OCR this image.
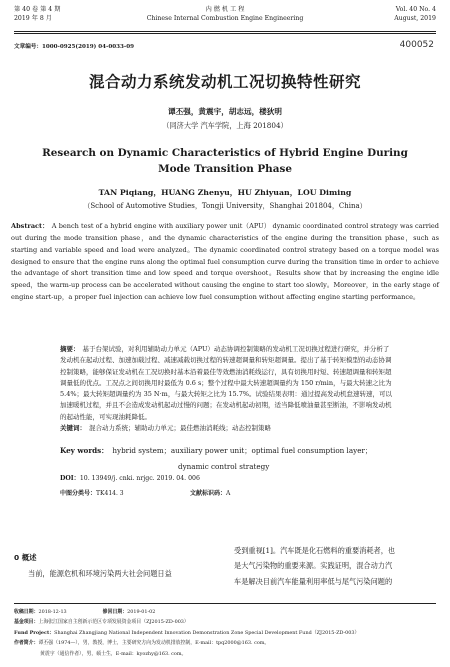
第 40 卷 第 4 期
2019 年 8 月
内 燃 机 工 程
Chinese Internal Combustion Engine Engineering
Vol. 40 No. 4
August, 2019
文章编号：1000-0925(2019) 04-0033-09	400052
混合动力系统发动机工况切换特性研究
谭丕强，黄震宇，胡志远，楼狄明
（同济大学 汽车学院，上海 201804）
Research on Dynamic Characteristics of Hybrid Engine During
Mode Transition Phase
TAN Piqiang，HUANG Zhenyu，HU Zhiyuan，LOU Diming
（School of Automotive Studies，Tongji University，Shanghai 201804，China）
Abstract： A bench test of a hybrid engine with auxiliary power unit（APU） dynamic coordinated control strategy was carried out during the mode transition phase，and the dynamic characteristics of the engine during the transition phase，such as starting and variable speed and load were analyzed。The dynamic coordinated control strategy based on a torque model was designed to ensure that the engine runs along the optimal fuel consumption curve during the transition time in order to achieve the advantage of short transition time and low speed and torque overshoot。Results show that by increasing the engine idle speed，the warm-up process can be accelerated without causing the engine to start too slowly。Moreover，in the early stage of engine start-up，a proper fuel injection can achieve low fuel consumption without affecting engine starting performance。
摘要： 基于台架试验，对利用辅助动力单元（APU）动态协调控制策略的发动机工况切换过程进行研究，并分析了发动机在起动过程、加速加载过程、减速减载切换过程的转速超调量和转矩超调量。提出了基于转矩模型的动态协调控制策略，能够保证发动机在工况切换时基本沿着最佳等效燃油消耗线运行，具有切换用时短、转速超调量和转矩超调量低的优点。工况点之间切换用时最低为 0.6 s；整个过程中最大转速超调量约为 150 r/min，与最大转速之比为 5.4%；最大转矩超调量约为 35 N·m，与最大转矩之比为 15.7%。试验结果表明：通过提高发动机怠速转速，可以加速暖机过程，并且不会造成发动机起动过慢的问题；在发动机起动初期，适当降低喷油量甚至断油，不影响发动机的起动性能，可实现油耗降低。
关键词： 混合动力系统；辅助动力单元；最佳燃油消耗线；动态控制策略
Key words： hybrid system；auxiliary power unit；optimal fuel consumption layer；
dynamic control strategy
DOI：10. 13949/j. cnki. nrjgc. 2019. 04. 006
中图分类号：TK414. 3	文献标识码：A
0 概述
当前，能源危机和环境污染两大社会问题日益
受到重视[1]。汽车既是化石燃料的重要消耗者，也
是大气污染物的重要来源。实践证明，混合动力汽
车是解决目前汽车能量利用率低与尾气污染问题的
收稿日期：2018-12-13	修回日期：2019-01-02
基金项目：上海张江国家自主创新示范区专项发展资金项目（ZJ2015-ZD-003）
Fund Project：Shanghai Zhangjiang National Independent Innovation Demonstration Zone Special Development Fund（ZJ2015-ZD-003）
作者简介：谭丕强（1974—），男，教授，博士，主要研究方向为发动机排放控制，E-mail：tpq2000@163. com。
黄震宇（通信作者），男，硕士生，E-mail：kyozhy@163. com。
